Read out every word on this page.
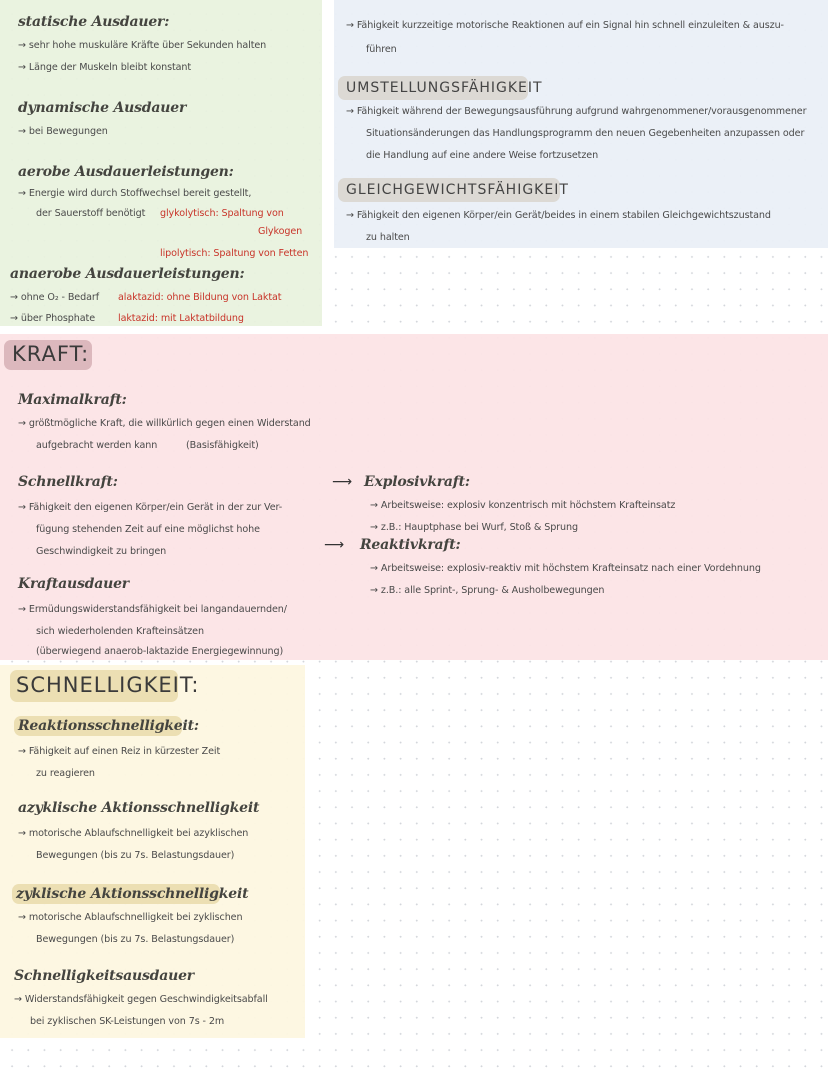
statische Ausdauer:
→ sehr hohe muskuläre Kräfte über Sekunden halten
→ Länge der Muskeln bleibt konstant
dynamische Ausdauer
→ bei Bewegungen
aerobe Ausdauerleistungen:
→ Energie wird durch Stoffwechsel bereit gestellt,
der Sauerstoff benötigt glykolytisch: Spaltung von
Glykogen
lipolytisch: Spaltung von Fetten
anaerobe Ausdauerleistungen:
→ ohne O₂ - Bedarf alaktazid: ohne Bildung von Laktat
→ über Phosphate laktazid: mit Laktatbildung
→ Fähigkeit kurzzeitige motorische Reaktionen auf ein Signal hin schnell einzuleiten & auszu-
führen
UMSTELLUNGSFÄHIGKEIT
→ Fähigkeit während der Bewegungsausführung aufgrund wahrgenommener/vorausgenommener
Situationsänderungen das Handlungsprogramm den neuen Gegebenheiten anzupassen oder
die Handlung auf eine andere Weise fortzusetzen
GLEICHGEWICHTSFÄHIGKEIT
→ Fähigkeit den eigenen Körper/ein Gerät/beides in einem stabilen Gleichgewichtszustand
zu halten
KRAFT:
Maximalkraft:
→ größtmögliche Kraft, die willkürlich gegen einen Widerstand
aufgebracht werden kann	(Basisfähigkeit)
Schnellkraft:
→ Fähigkeit den eigenen Körper/ein Gerät in der zur Ver-
fügung stehenden Zeit auf eine möglichst hohe
Geschwindigkeit zu bringen
⟶ Explosivkraft:
→ Arbeitsweise: explosiv konzentrisch mit höchstem Krafteinsatz
→ z.B.: Hauptphase bei Wurf, Stoß & Sprung
⟶ Reaktivkraft:
→ Arbeitsweise: explosiv-reaktiv mit höchstem Krafteinsatz nach einer Vordehnung
→ z.B.: alle Sprint-, Sprung- & Ausholbewegungen
Kraftausdauer
→ Ermüdungswiderstandsfähigkeit bei langandauernden/
sich wiederholenden Krafteinsätzen
(überwiegend anaerob-laktazide Energiegewinnung)
SCHNELLIGKEIT:
Reaktionsschnelligkeit:
→ Fähigkeit auf einen Reiz in kürzester Zeit
zu reagieren
azyklische Aktionsschnelligkeit
→ motorische Ablaufschnelligkeit bei azyklischen
Bewegungen (bis zu 7s. Belastungsdauer)
zyklische Aktionsschnelligkeit
→ motorische Ablaufschnelligkeit bei zyklischen
Bewegungen (bis zu 7s. Belastungsdauer)
Schnelligkeitsausdauer
→ Widerstandsfähigkeit gegen Geschwindigkeitsabfall
bei zyklischen SK-Leistungen von 7s - 2m
